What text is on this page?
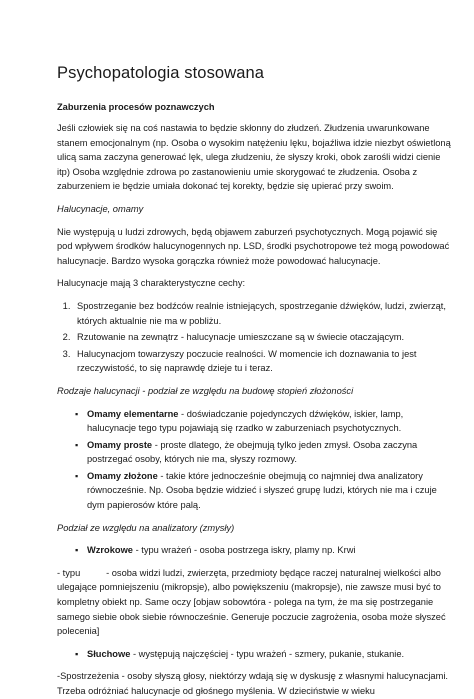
Psychopatologia stosowana
Zaburzenia procesów poznawczych

Jeśli człowiek się na coś nastawia to będzie skłonny do złudzeń. Złudzenia uwarunkowane stanem emocjonalnym (np. Osoba o wysokim natężeniu lęku, bojaźliwa idzie niezbyt oświetloną ulicą sama zaczyna generować lęk, ulega złudzeniu, że słyszy kroki, obok zarośli widzi cienie itp) Osoba względnie zdrowa po zastanowieniu umie skorygować te złudzenia. Osoba z zaburzeniem ie będzie umiała dokonać tej korekty, będzie się upierać przy swoim.

Halucynacje, omamy

Nie występują u ludzi zdrowych, będą objawem zaburzeń psychotycznych. Mogą pojawić się pod wpływem środków halucynogennych np. LSD, środki psychotropowe też mogą powodować halucynacje. Bardzo wysoka gorączka również może powodować halucynacje.

Halucynacje mają 3 charakterystyczne cechy:

1. Spostrzeganie bez bodźców realnie istniejących, spostrzeganie dźwięków, ludzi, zwierząt, których aktualnie nie ma w pobliżu.
2. Rzutowanie na zewnątrz - halucynacje umieszczane są w świecie otaczającym.
3. Halucynacjom towarzyszy poczucie realności. W momencie ich doznawania to jest rzeczywistość, to się naprawdę dzieje tu i teraz.

Rodzaje halucynacji - podział ze względu na budowę stopień złożoności

▪ Omamy elementarne - doświadczanie pojedynczych dźwięków, iskier, lamp, halucynacje tego typu pojawiają się rzadko w zaburzeniach psychotycznych.
▪ Omamy proste - proste dlatego, że obejmują tylko jeden zmysł. Osoba zaczyna postrzegać osoby, których nie ma, słyszy rozmowy.
▪ Omamy złożone - takie które jednocześnie obejmują co najmniej dwa analizatory równocześnie. Np. Osoba będzie widzieć i słyszeć grupę ludzi, których nie ma i czuje dym papierosów które palą.

Podział ze względu na analizatory (zmysły)

▪ Wzrokowe - typu wrażeń - osoba postrzega iskry, plamy np. Krwi

- typu          - osoba widzi ludzi, zwierzęta, przedmioty będące raczej naturalnej wielkości albo ulegające pomniejszeniu (mikropsje), albo powiększeniu (makropsje), nie zawsze musi być to kompletny obiekt np. Same oczy [objaw sobowtóra - polega na tym, że ma się postrzeganie samego siebie obok siebie równocześnie. Generuje poczucie zagrożenia, osoba może słyszeć polecenia]

▪ Słuchowe - występują najczęściej - typu wrażeń - szmery, pukanie, stukanie.

-Spostrzeżenia - osoby słyszą głosy, niektórzy wdają się w dyskusję z własnymi halucynacjami. Trzeba odróżniać halucynacje od głośnego myślenia. W dzieciństwie w wieku
